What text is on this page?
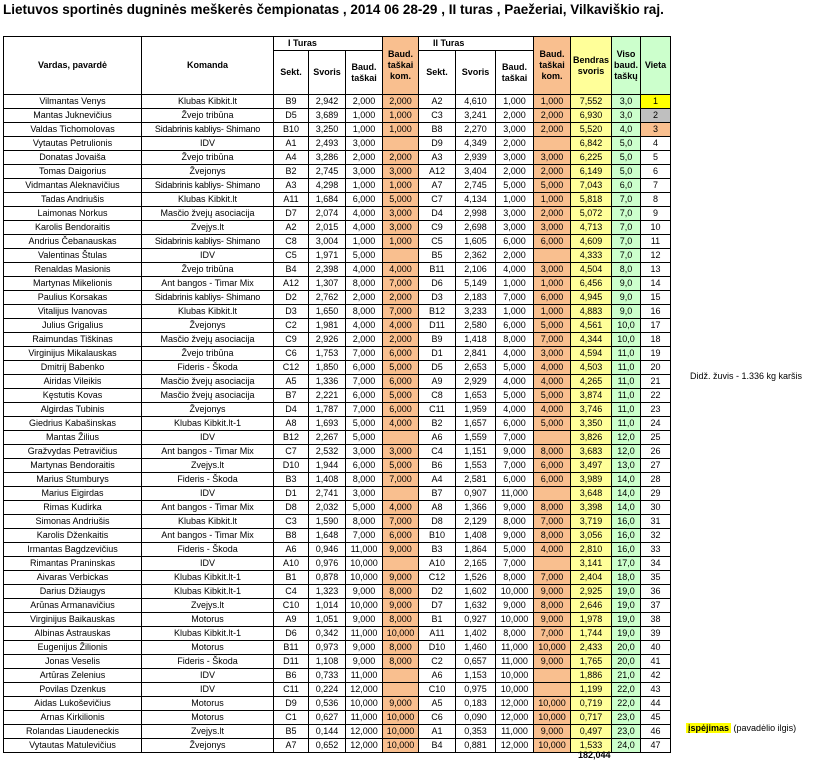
Lietuvos sportinės dugninės meškerės čempionatas , 2014 06 28-29 , II turas , Paežeriai, Vilkaviškio raj.
Vardas, pavardė	Komanda	I Turas			Baud. taškai kom.	II Turas			Baud. taškai kom.	Bendras svoris	Viso baud. taškų	Vieta
		Sekt.	Svoris	Baud. taškai		Sekt.	Svoris	Baud. taškai				
Vilmantas Venys	Klubas Kibkit.lt	B9	2,942	2,000	2,000	A2	4,610	1,000	1,000	7,552	3,0	1
Mantas Juknevičius	Žvejo tribūna	D5	3,689	1,000	1,000	C3	3,241	2,000	2,000	6,930	3,0	2
Valdas Tichomolovas	Sidabrinis kabliys- Shimano	B10	3,250	1,000	1,000	B8	2,270	3,000	2,000	5,520	4,0	3
Vytautas Petrulionis	IDV	A1	2,493	3,000		D9	4,349	2,000		6,842	5,0	4
Donatas Jovaiša	Žvejo tribūna	A4	3,286	2,000	2,000	A3	2,939	3,000	3,000	6,225	5,0	5
Tomas Daigorius	Žvejonys	B2	2,745	3,000	3,000	A12	3,404	2,000	2,000	6,149	5,0	6
Vidmantas Aleknavičius	Sidabrinis kabliys- Shimano	A3	4,298	1,000	1,000	A7	2,745	5,000	5,000	7,043	6,0	7
Tadas Andriušis	Klubas Kibkit.lt	A11	1,684	6,000	5,000	C7	4,134	1,000	1,000	5,818	7,0	8
Laimonas Norkus	Masčio žvejų asociacija	D7	2,074	4,000	3,000	D4	2,998	3,000	2,000	5,072	7,0	9
Karolis Bendoraitis	Zvejys.lt	A2	2,015	4,000	3,000	C9	2,698	3,000	3,000	4,713	7,0	10
Andrius Čebanauskas	Sidabrinis kabliys- Shimano	C8	3,004	1,000	1,000	C5	1,605	6,000	6,000	4,609	7,0	11
Valentinas Štulas	IDV	C5	1,971	5,000		B5	2,362	2,000		4,333	7,0	12
Renaldas Masionis	Žvejo tribūna	B4	2,398	4,000	4,000	B11	2,106	4,000	3,000	4,504	8,0	13
Martynas Mikelionis	Ant bangos - Timar Mix	A12	1,307	8,000	7,000	D6	5,149	1,000	1,000	6,456	9,0	14
Paulius Korsakas	Sidabrinis kabliys- Shimano	D2	2,762	2,000	2,000	D3	2,183	7,000	6,000	4,945	9,0	15
Vitalijus Ivanovas	Klubas Kibkit.lt	D3	1,650	8,000	7,000	B12	3,233	1,000	1,000	4,883	9,0	16
Julius Grigalius	Žvejonys	C2	1,981	4,000	4,000	D11	2,580	6,000	5,000	4,561	10,0	17
Raimundas Tiškinas	Masčio žvejų asociacija	C9	2,926	2,000	2,000	B9	1,418	8,000	7,000	4,344	10,0	18
Virginijus Mikalauskas	Žvejo tribūna	C6	1,753	7,000	6,000	D1	2,841	4,000	3,000	4,594	11,0	19
Dmitrij Babenko	Fideris - Škoda	C12	1,850	6,000	5,000	D5	2,653	5,000	4,000	4,503	11,0	20
Airidas Vileikis	Masčio žvejų asociacija	A5	1,336	7,000	6,000	A9	2,929	4,000	4,000	4,265	11,0	21
Kęstutis Kovas	Masčio žvejų asociacija	B7	2,221	6,000	5,000	C8	1,653	5,000	5,000	3,874	11,0	22
Algirdas Tubinis	Žvejonys	D4	1,787	7,000	6,000	C11	1,959	4,000	4,000	3,746	11,0	23
Giedrius Kabašinskas	Klubas Kibkit.lt-1	A8	1,693	5,000	4,000	B2	1,657	6,000	5,000	3,350	11,0	24
Mantas Žilius	IDV	B12	2,267	5,000		A6	1,559	7,000		3,826	12,0	25
Gražvydas Petravičius	Ant bangos - Timar Mix	C7	2,532	3,000	3,000	C4	1,151	9,000	8,000	3,683	12,0	26
Martynas Bendoraitis	Zvejys.lt	D10	1,944	6,000	5,000	B6	1,553	7,000	6,000	3,497	13,0	27
Marius Stumburys	Fideris - Škoda	B3	1,408	8,000	7,000	A4	2,581	6,000	6,000	3,989	14,0	28
Marius Eigirdas	IDV	D1	2,741	3,000		B7	0,907	11,000		3,648	14,0	29
Rimas Kudirka	Ant bangos - Timar Mix	D8	2,032	5,000	4,000	A8	1,366	9,000	8,000	3,398	14,0	30
Simonas Andriušis	Klubas Kibkit.lt	C3	1,590	8,000	7,000	D8	2,129	8,000	7,000	3,719	16,0	31
Karolis Dženkaitis	Ant bangos - Timar Mix	B8	1,648	7,000	6,000	B10	1,408	9,000	8,000	3,056	16,0	32
Irmantas Bagdzevičius	Fideris - Škoda	A6	0,946	11,000	9,000	B3	1,864	5,000	4,000	2,810	16,0	33
Rimantas Praninskas	IDV	A10	0,976	10,000		A10	2,165	7,000		3,141	17,0	34
Aivaras Verbickas	Klubas Kibkit.lt-1	B1	0,878	10,000	9,000	C12	1,526	8,000	7,000	2,404	18,0	35
Darius Džiaugys	Klubas Kibkit.lt-1	C4	1,323	9,000	8,000	D2	1,602	10,000	9,000	2,925	19,0	36
Arūnas Armanavičius	Zvejys.lt	C10	1,014	10,000	9,000	D7	1,632	9,000	8,000	2,646	19,0	37
Virginijus Baikauskas	Motorus	A9	1,051	9,000	8,000	B1	0,927	10,000	9,000	1,978	19,0	38
Albinas Astrauskas	Klubas Kibkit.lt-1	D6	0,342	11,000	10,000	A11	1,402	8,000	7,000	1,744	19,0	39
Eugenijus Žilionis	Motorus	B11	0,973	9,000	8,000	D10	1,460	11,000	10,000	2,433	20,0	40
Jonas Veselis	Fideris - Škoda	D11	1,108	9,000	8,000	C2	0,657	11,000	9,000	1,765	20,0	41
Artūras Zelenius	IDV	B6	0,733	11,000		A6	1,153	10,000		1,886	21,0	42
Povilas Dzenkus	IDV	C11	0,224	12,000		C10	0,975	10,000		1,199	22,0	43
Aidas Lukoševičius	Motorus	D9	0,536	10,000	9,000	A5	0,183	12,000	10,000	0,719	22,0	44
Arnas Kirkilionis	Motorus	C1	0,627	11,000	10,000	C6	0,090	12,000	10,000	0,717	23,0	45
Rolandas Liaudeneckis	Zvejys.lt	B5	0,144	12,000	10,000	A1	0,353	11,000	9,000	0,497	23,0	46
Vytautas Matulevičius	Žvejonys	A7	0,652	12,000	10,000	B4	0,881	12,000	10,000	1,533	24,0	47
Didž. žuvis - 1.336 kg karšis
įspėjimas (pavadėlio ilgis)
182,044
